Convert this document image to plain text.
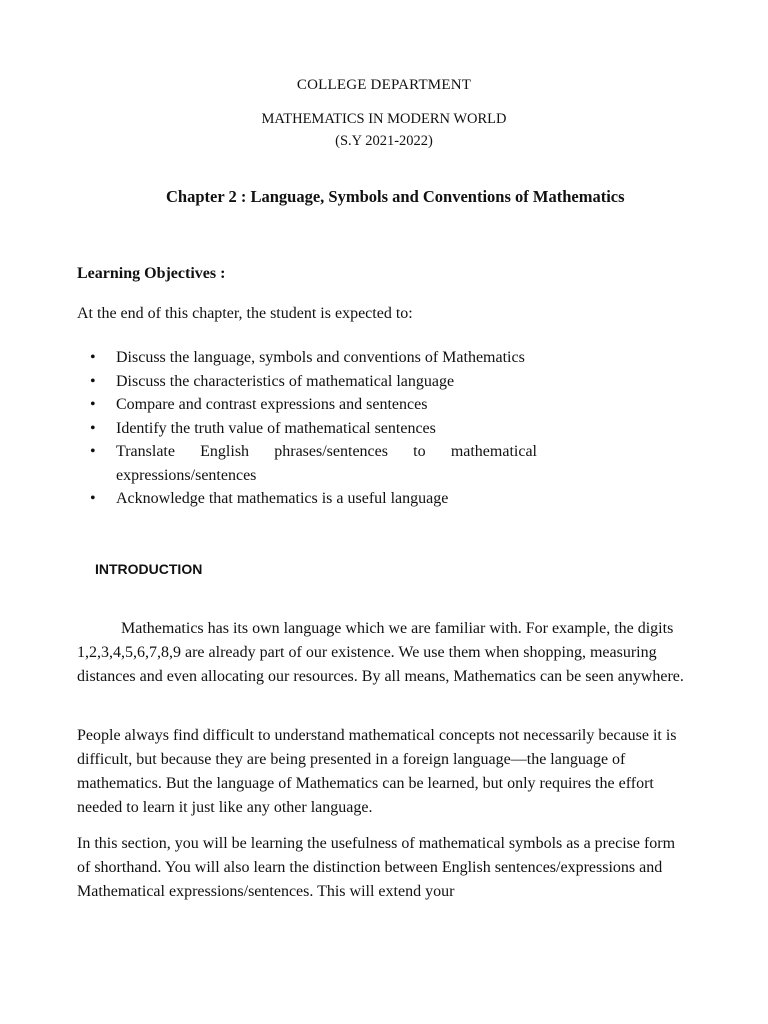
COLLEGE DEPARTMENT
MATHEMATICS IN MODERN WORLD
(S.Y 2021-2022)
Chapter 2 : Language, Symbols and Conventions of Mathematics
Learning Objectives :
At the end of this chapter, the student is expected to:
• Discuss the language, symbols and conventions of Mathematics
• Discuss the characteristics of mathematical language
• Compare and contrast expressions and sentences
• Identify the truth value of mathematical sentences
• Translate English phrases/sentences to mathematical expressions/sentences
• Acknowledge that mathematics is a useful language
INTRODUCTION

Mathematics has its own language which we are familiar with. For example, the digits 1,2,3,4,5,6,7,8,9 are already part of our existence. We use them when shopping, measuring distances and even allocating our resources. By all means, Mathematics can be seen anywhere.

People always find difficult to understand mathematical concepts not necessarily because it is difficult, but because they are being presented in a foreign language—the language of mathematics. But the language of Mathematics can be learned, but only requires the effort needed to learn it just like any other language.

In this section, you will be learning the usefulness of mathematical symbols as a precise form of shorthand. You will also learn the distinction between English sentences/expressions and Mathematical expressions/sentences. This will extend your
